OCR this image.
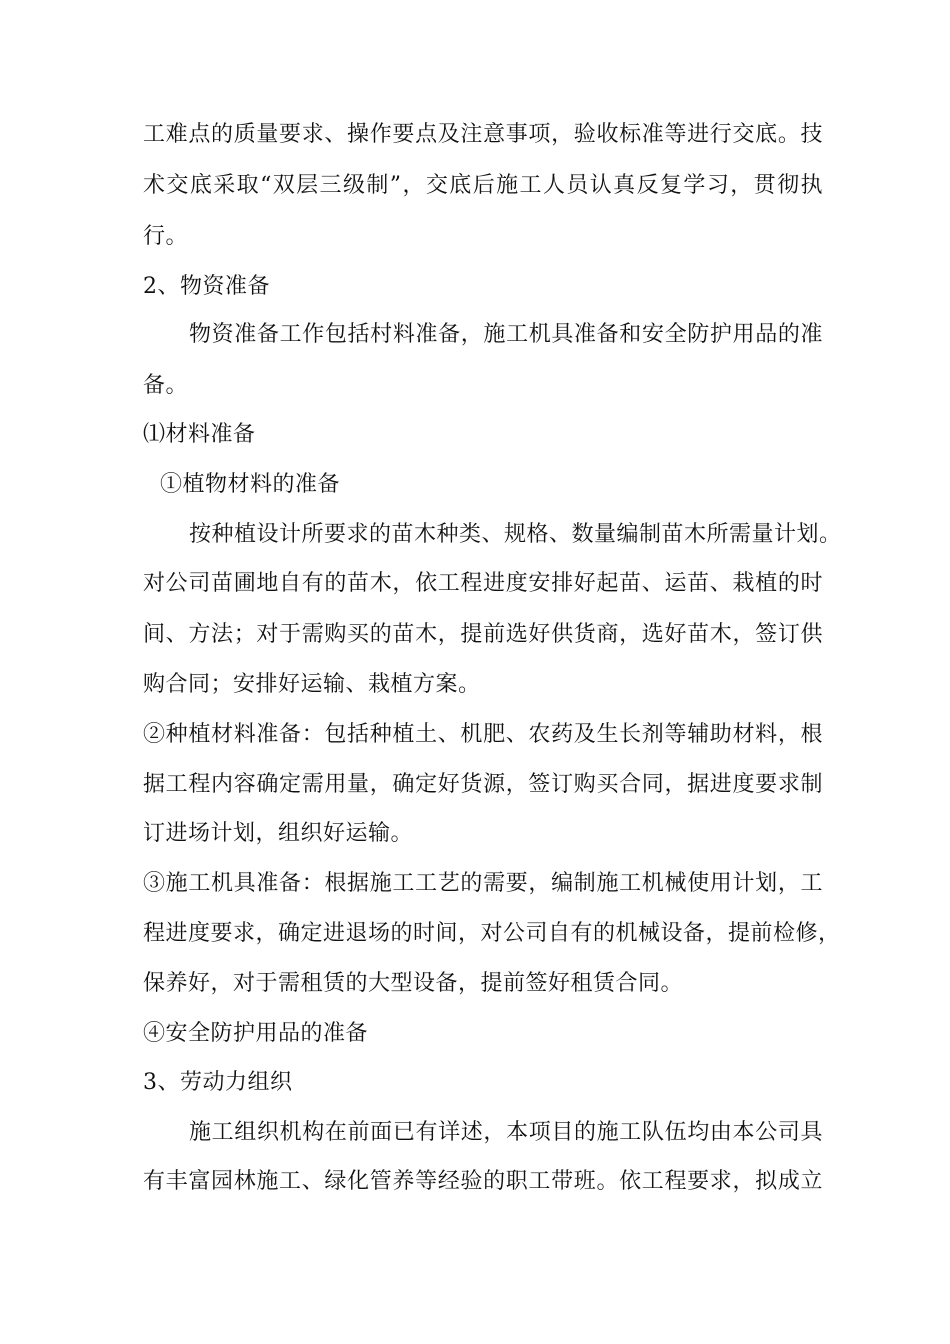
工难点的质量要求、操作要点及注意事项，验收标准等进行交底。技
术交底采取“双层三级制”，交底后施工人员认真反复学习，贯彻执
行。
2、物资准备
物资准备工作包括村料准备，施工机具准备和安全防护用品的准
备。
⑴材料准备
①植物材料的准备
按种植设计所要求的苗木种类、规格、数量编制苗木所需量计划。
对公司苗圃地自有的苗木，依工程进度安排好起苗、运苗、栽植的时
间、方法；对于需购买的苗木，提前选好供货商，选好苗木，签订供
购合同；安排好运输、栽植方案。
②种植材料准备：包括种植土、机肥、农药及生长剂等辅助材料，根
据工程内容确定需用量，确定好货源，签订购买合同，据进度要求制
订进场计划，组织好运输。
③施工机具准备：根据施工工艺的需要，编制施工机械使用计划，工
程进度要求，确定进退场的时间，对公司自有的机械设备，提前检修，
保养好，对于需租赁的大型设备，提前签好租赁合同。
④安全防护用品的准备
3、劳动力组织
施工组织机构在前面已有详述，本项目的施工队伍均由本公司具
有丰富园林施工、绿化管养等经验的职工带班。依工程要求，拟成立
